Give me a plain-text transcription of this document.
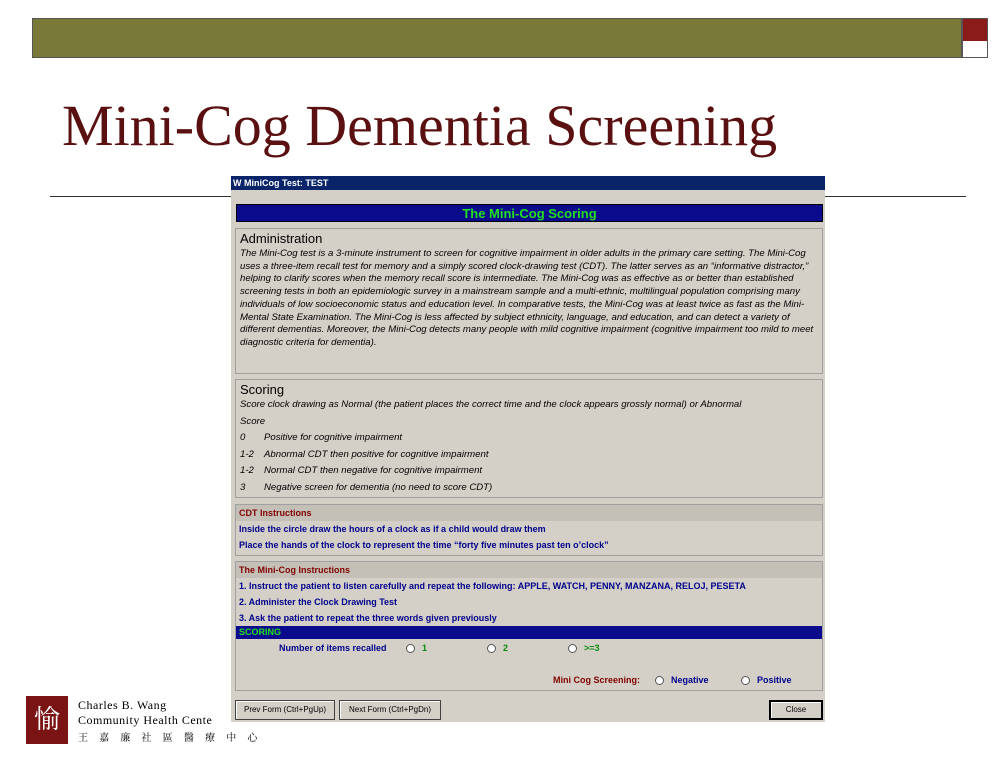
Mini-Cog Dementia Screening
W MiniCog Test: TEST
The Mini-Cog Scoring
Administration

The Mini-Cog test is a 3-minute instrument to screen for cognitive impairment in older adults in the primary care setting. The Mini-Cog uses a three-item recall test for memory and a simply scored clock-drawing test (CDT). The latter serves as an “informative distractor,” helping to clarify scores when the memory recall score is intermediate. The Mini-Cog was as effective as or better than established screening tests in both an epidemiologic survey in a mainstream sample and a multi-ethnic, multilingual population comprising many individuals of low socioeconomic status and education level. In comparative tests, the Mini-Cog was at least twice as fast as the Mini-Mental State Examination. The Mini-Cog is less affected by subject ethnicity, language, and education, and can detect a variety of different dementias. Moreover, the Mini-Cog detects many people with mild cognitive impairment (cognitive impairment too mild to meet diagnostic criteria for dementia).

Scoring
Score clock drawing as Normal (the patient places the correct time and the clock appears grossly normal) or Abnormal
Score
0 Positive for cognitive impairment
1-2 Abnormal CDT then positive for cognitive impairment
1-2 Normal CDT then negative for cognitive impairment
3 Negative screen for dementia (no need to score CDT)
CDT Instructions
Inside the circle draw the hours of a clock as if a child would draw them
Place the hands of the clock to represent the time “forty five minutes past ten o’clock”
The Mini-Cog Instructions
1. Instruct the patient to listen carefully and repeat the following: APPLE, WATCH, PENNY, MANZANA, RELOJ, PESETA
2. Administer the Clock Drawing Test
3. Ask the patient to repeat the three words given previously
SCORING
Number of items recalled	1	2	>=3
Mini Cog Screening:	Negative	Positive
Prev Form (Ctrl+PgUp)	Next Form (Ctrl+PgDn)	Close
愉	Charles B. Wang
Community Health Cente
王 嘉 廉 社 區 醫 療 中 心
